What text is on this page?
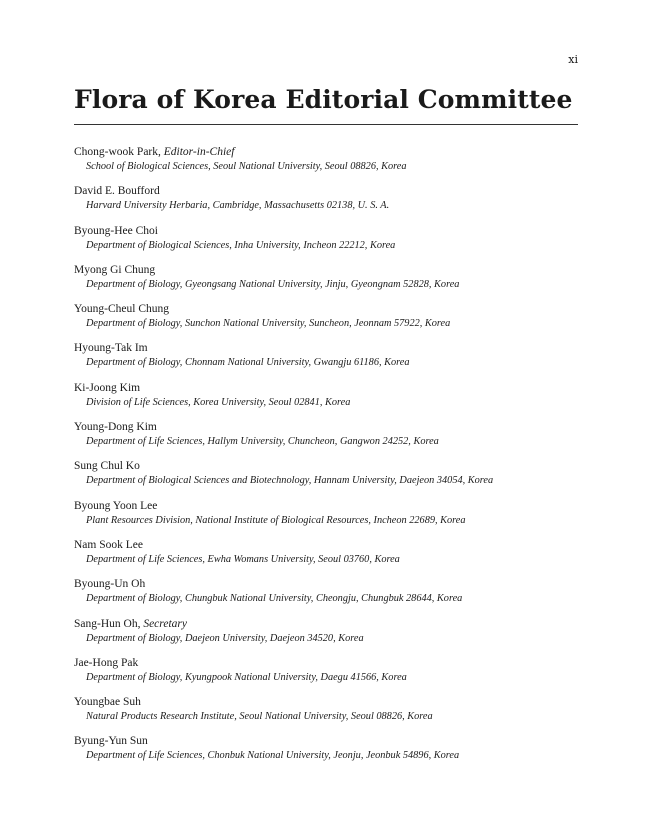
xi
Flora of Korea Editorial Committee
Chong-wook Park, Editor-in-Chief
School of Biological Sciences, Seoul National University, Seoul 08826, Korea
David E. Boufford
Harvard University Herbaria, Cambridge, Massachusetts 02138, U. S. A.
Byoung-Hee Choi
Department of Biological Sciences, Inha University, Incheon 22212, Korea
Myong Gi Chung
Department of Biology, Gyeongsang National University, Jinju, Gyeongnam 52828, Korea
Young-Cheul Chung
Department of Biology, Sunchon National University, Suncheon, Jeonnam 57922, Korea
Hyoung-Tak Im
Department of Biology, Chonnam National University, Gwangju 61186, Korea
Ki-Joong Kim
Division of Life Sciences, Korea University, Seoul 02841, Korea
Young-Dong Kim
Department of Life Sciences, Hallym University, Chuncheon, Gangwon 24252, Korea
Sung Chul Ko
Department of Biological Sciences and Biotechnology, Hannam University, Daejeon 34054, Korea
Byoung Yoon Lee
Plant Resources Division, National Institute of Biological Resources, Incheon 22689, Korea
Nam Sook Lee
Department of Life Sciences, Ewha Womans University, Seoul 03760, Korea
Byoung-Un Oh
Department of Biology, Chungbuk National University, Cheongju, Chungbuk 28644, Korea
Sang-Hun Oh, Secretary
Department of Biology, Daejeon University, Daejeon 34520, Korea
Jae-Hong Pak
Department of Biology, Kyungpook National University, Daegu 41566, Korea
Youngbae Suh
Natural Products Research Institute, Seoul National University, Seoul 08826, Korea
Byung-Yun Sun
Department of Life Sciences, Chonbuk National University, Jeonju, Jeonbuk 54896, Korea
